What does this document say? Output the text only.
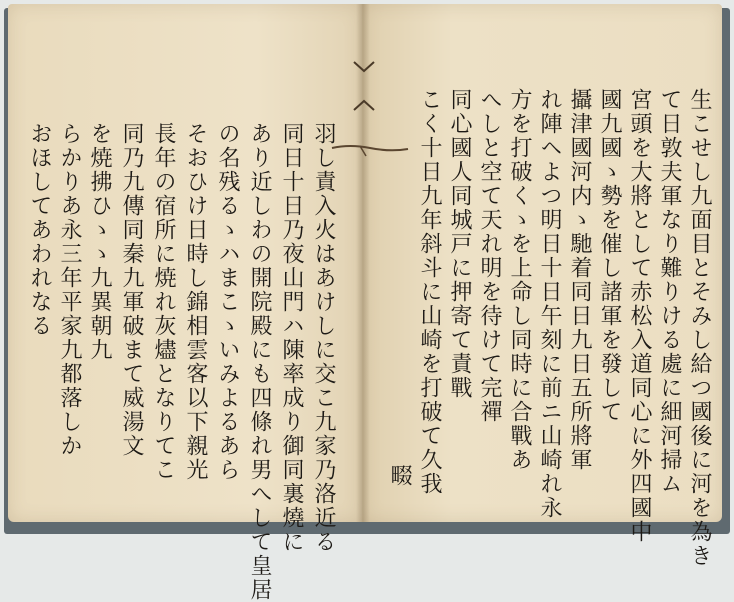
羽し責入火はあけしに交こ九家乃洛近る
同日十日乃夜山門ハ陳率成り御同裏燒に
あり近しわの開院殿にも四條れ男へして皇居
の名残るゝハまこゝいみよるあら
そおひけ日時し錦相雲客以下親光
長年の宿所に焼れ灰燼となりてこ
同乃九傳同秦九軍破まて威湯文
を焼拂ひゝゝ九異朝九
らかりあ永三年平家九都落しか
おほしてあわれなる	生こせし九面目とそみし給つ國後に河を為き
て日敦夫軍なり難りける處に細河掃ム
宮頭を大將として赤松入道同心に外四國中
國九國ゝ勢を催し諸軍を發して
攝津國河内ゝ馳着同日九日五所將軍
れ陣ヘよつ明日十日午刻に前ニ山崎れ永
方を打破くゝを上命し同時に合戰あ
へしと空て天れ明を待けて完禪
同心國人同城戸に押寄て責戰
こく十日九年斜斗に山崎を打破て久我
畷
